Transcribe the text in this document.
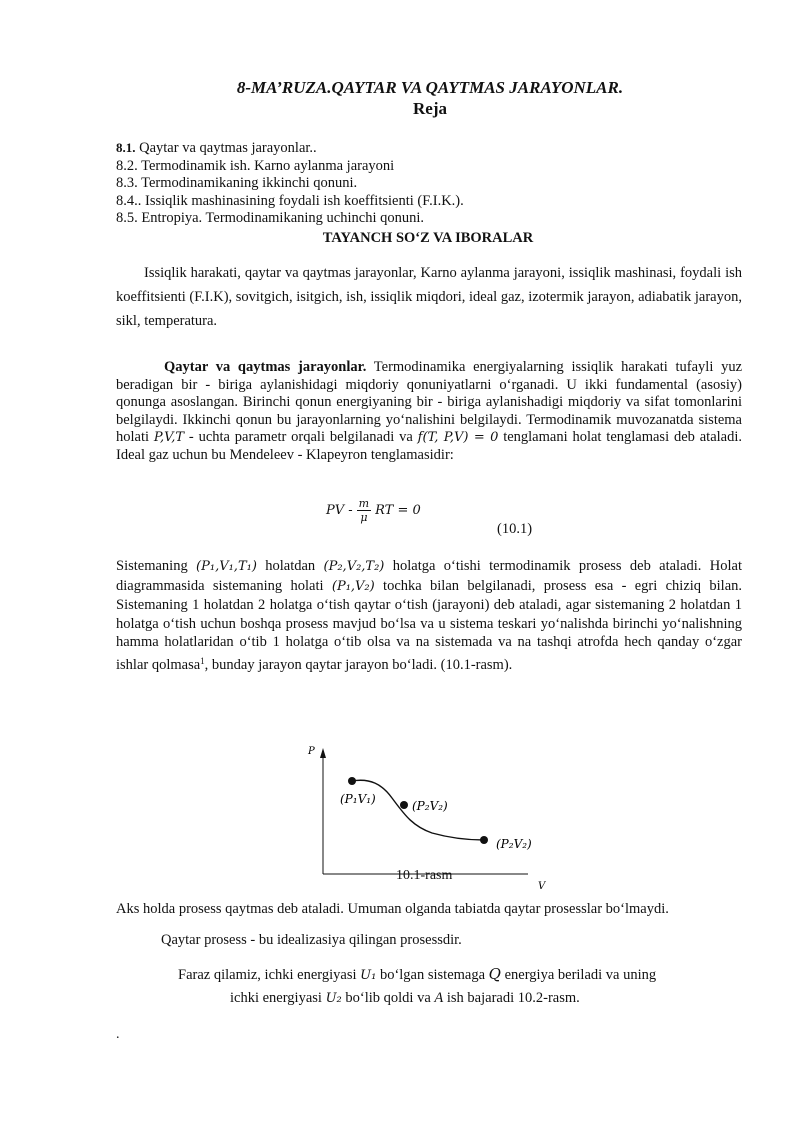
8-MA’RUZA.QAYTAR VA QAYTMAS JARAYONLAR.
Reja
8.1. Qaytar va qaytmas jarayonlar..
8.2. Termodinamik ish. Karno aylanma jarayoni
8.3. Termodinamikaning ikkinchi qonuni.
8.4.. Issiqlik mashinasining foydali ish koeffitsienti (F.I.K.).
8.5. Entropiya. Termodinamikaning uchinchi qonuni.
TAYANCH SO‘Z VA IBORALAR
Issiqlik harakati, qaytar va qaytmas jarayonlar, Karno aylanma jarayoni, issiqlik mashinasi, foydali ish koeffitsienti (F.I.K), sovitgich, isitgich, ish, issiqlik miqdori, ideal gaz, izotermik jarayon, adiabatik jarayon, sikl, temperatura.
Qaytar va qaytmas jarayonlar. Termodinamika energiyalarning issiqlik harakati tufayli yuz beradigan bir - biriga aylanishidagi miqdoriy qonuniyatlarni o‘rganadi. U ikki fundamental (asosiy) qonunga asoslangan. Birinchi qonun energiyaning bir - biriga aylanishadigi miqdoriy va sifat tomonlarini belgilaydi. Ikkinchi qonun bu jarayonlarning yo‘nalishini belgilaydi. Termodinamik muvozanatda sistema holati P,V,T - uchta parametr orqali belgilanadi va f(T, P,V) = 0 tenglamani holat tenglamasi deb ataladi. Ideal gaz uchun bu Mendeleev - Klapeyron tenglamasidir:
PV - $\frac{m}{\mu}$ RT = 0
(10.1)
Sistemaning (P₁,V₁,T₁) holatdan (P₂,V₂,T₂) holatga o‘tishi termodinamik prosess deb ataladi. Holat diagrammasida sistemaning holati (P₁,V₂) tochka bilan belgilanadi, prosess esa - egri chiziq bilan. Sistemaning 1 holatdan 2 holatga o‘tish qaytar o‘tish (jarayoni) deb ataladi, agar sistemaning 2 holatdan 1 holatga o‘tish uchun boshqa prosess mavjud bo‘lsa va u sistema teskari yo‘nalishda birinchi yo‘nalishning hamma holatlaridan o‘tib 1 holatga o‘tib olsa va na sistemada va na tashqi atrofda hech qanday o‘zgar ishlar qolmasa$^1$, bunday jarayon qaytar jarayon bo‘ladi. (10.1-rasm).
P
V
(P₁V₁)	(P₂V₂)
(P₂V₂)
10.1-rasm
Aks holda prosess qaytmas deb ataladi. Umuman olganda tabiatda qaytar prosesslar bo‘lmaydi.
Qaytar prosess - bu idealizasiya qilingan prosessdir.
Faraz qilamiz, ichki energiyasi U₁ bo‘lgan sistemaga Q energiya beriladi va uning
ichki energiyasi U₂ bo‘lib qoldi va A ish bajaradi 10.2-rasm.
.
